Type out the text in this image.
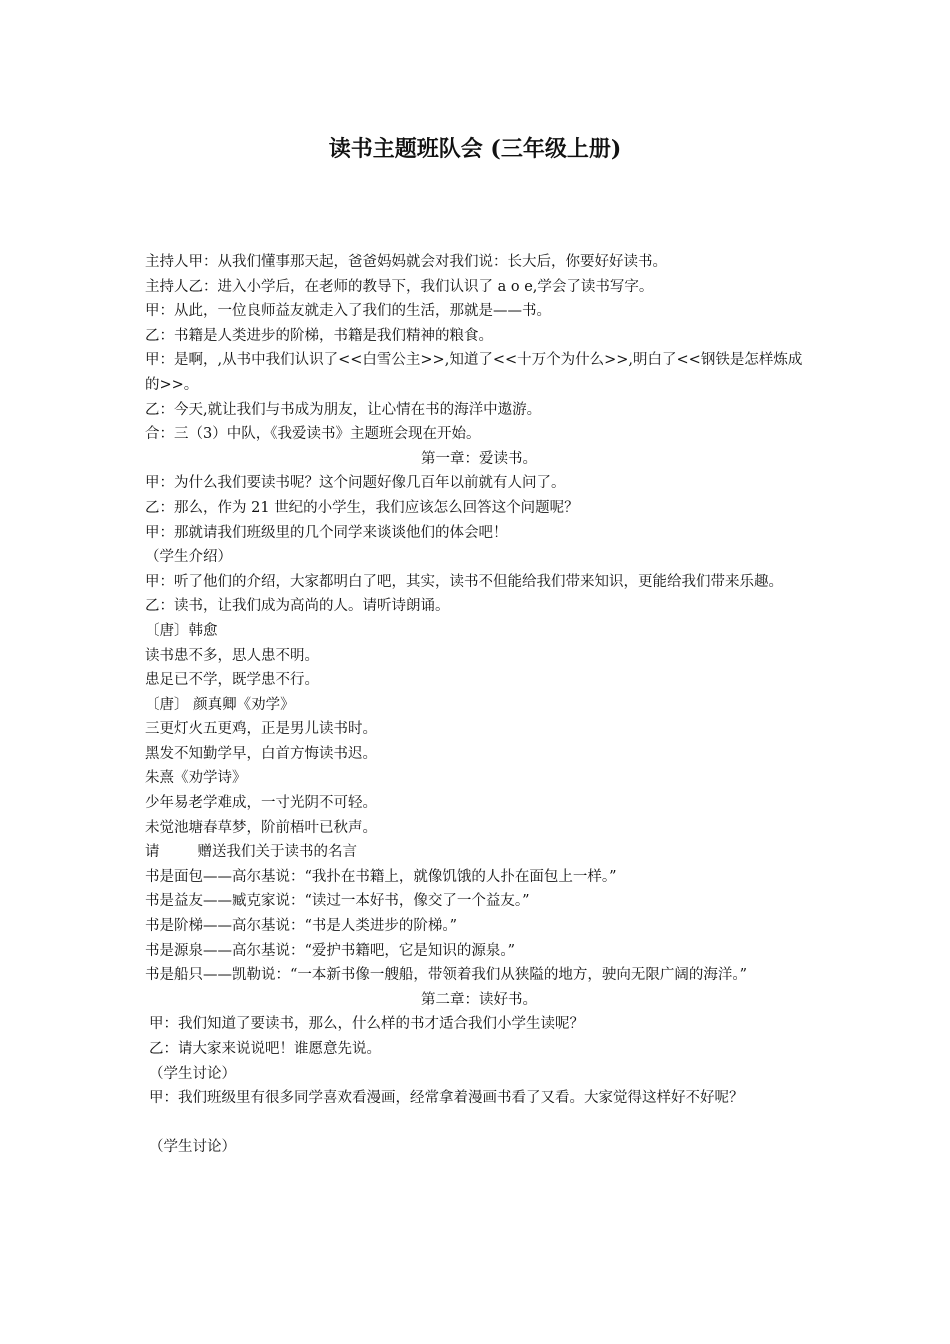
读书主题班队会 (三年级上册)

主持人甲：从我们懂事那天起，爸爸妈妈就会对我们说：长大后，你要好好读书。

主持人乙：进入小学后，在老师的教导下，我们认识了 a o e,学会了读书写字。

甲：从此，一位良师益友就走入了我们的生活，那就是——书。

乙：书籍是人类进步的阶梯，书籍是我们精神的粮食。

甲：是啊，,从书中我们认识了<<白雪公主>>,知道了<<十万个为什么>>,明白了<<钢铁是怎样炼成的>>。

乙：今天,就让我们与书成为朋友，让心情在书的海洋中遨游。

合：三（3）中队，《我爱读书》主题班会现在开始。

第一章：爱读书。

甲：为什么我们要读书呢？这个问题好像几百年以前就有人问了。

乙：那么，作为 21 世纪的小学生，我们应该怎么回答这个问题呢？

甲：那就请我们班级里的几个同学来谈谈他们的体会吧！

（学生介绍）

甲：听了他们的介绍，大家都明白了吧，其实，读书不但能给我们带来知识，更能给我们带来乐趣。

乙：读书，让我们成为高尚的人。请听诗朗诵。

〔唐〕韩愈

读书患不多，思人患不明。

患足已不学，既学患不行。

〔唐〕 颜真卿《劝学》

三更灯火五更鸡，正是男儿读书时。

黑发不知勤学早，白首方悔读书迟。

朱熹《劝学诗》

少年易老学难成，一寸光阴不可轻。

未觉池塘春草梦，阶前梧叶已秋声。

请	赠送我们关于读书的名言

书是面包——高尔基说：“我扑在书籍上，就像饥饿的人扑在面包上一样。”

书是益友——臧克家说：“读过一本好书，像交了一个益友。”

书是阶梯——高尔基说：“书是人类进步的阶梯。”

书是源泉——高尔基说：“爱护书籍吧，它是知识的源泉。”

书是船只——凯勒说：“一本新书像一艘船，带领着我们从狭隘的地方，驶向无限广阔的海洋。”

第二章：读好书。

甲：我们知道了要读书，那么，什么样的书才适合我们小学生读呢？

乙：请大家来说说吧！谁愿意先说。

（学生讨论）

甲：我们班级里有很多同学喜欢看漫画，经常拿着漫画书看了又看。大家觉得这样好不好呢？

（学生讨论）
